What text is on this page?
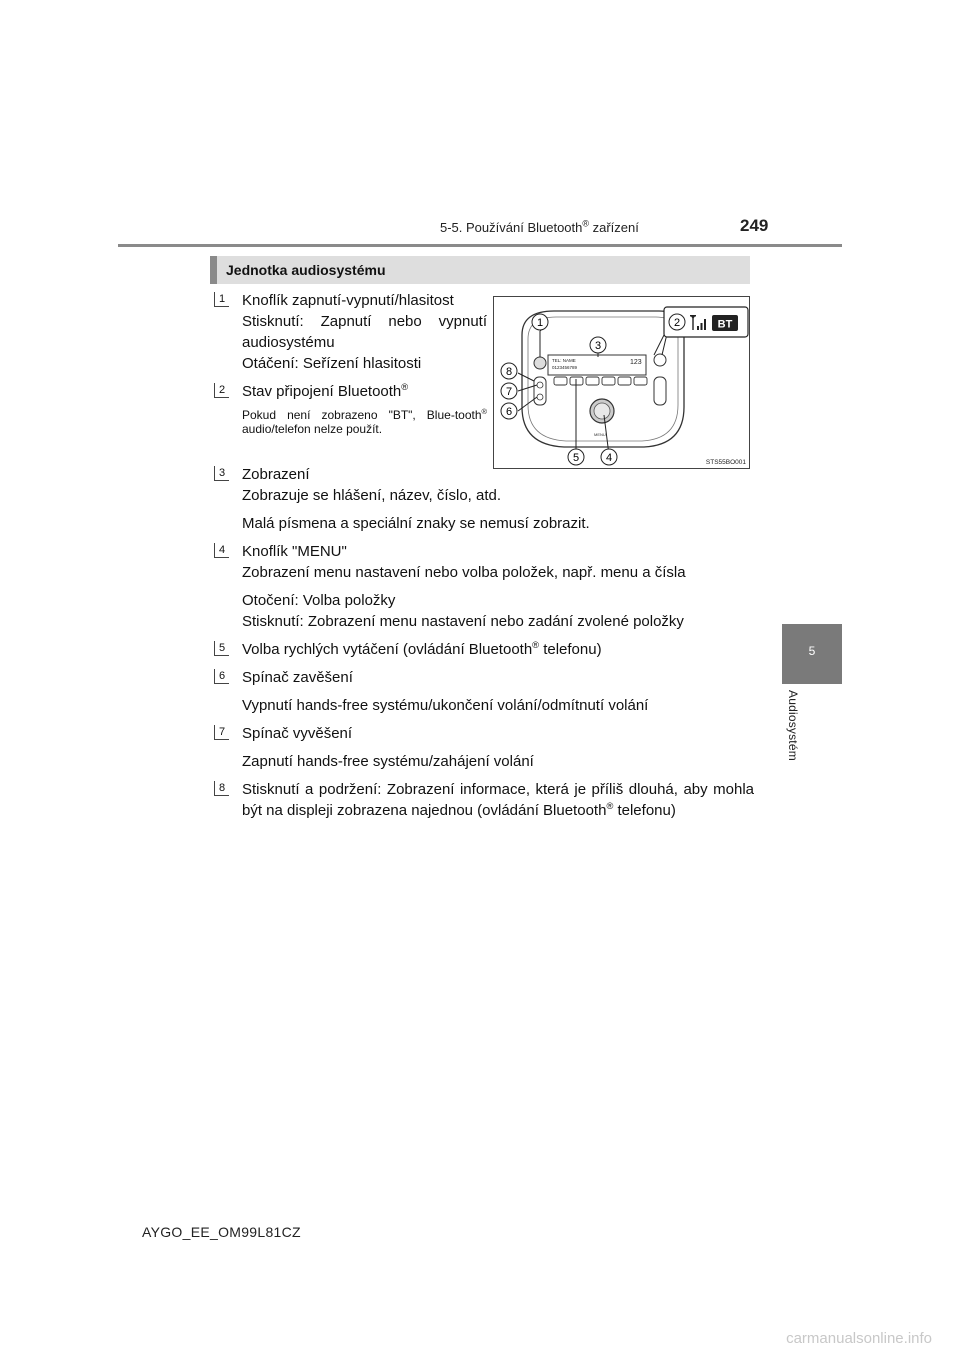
5-5. Používání Bluetooth® zařízení	249
5
Audiosystém
Jednotka audiosystému
TEL: NAME
0123456789
123
MENU
BT
1	2
3
4
5
6
7
8
STS55BO001
1 Knoflík zapnutí-vypnutí/hlasitost

Stisknutí: Zapnutí nebo vypnutí audiosystému

Otáčení: Seřízení hlasitosti

2 Stav připojení Bluetooth®

Pokud není zobrazeno "BT", Blue-tooth® audio/telefon nelze použít.

3 Zobrazení

Zobrazuje se hlášení, název, číslo, atd.

Malá písmena a speciální znaky se nemusí zobrazit.

4 Knoflík "MENU"

Zobrazení menu nastavení nebo volba položek, např. menu a čísla

Otočení: Volba položky

Stisknutí: Zobrazení menu nastavení nebo zadání zvolené položky

5 Volba rychlých vytáčení (ovládání Bluetooth® telefonu)

6 Spínač zavěšení

Vypnutí hands-free systému/ukončení volání/odmítnutí volání

7 Spínač vyvěšení

Zapnutí hands-free systému/zahájení volání

8 Stisknutí a podržení: Zobrazení informace, která je příliš dlouhá, aby mohla být na displeji zobrazena najednou (ovládání Bluetooth® telefonu)

AYGO_EE_OM99L81CZ
carmanualsonline.info
